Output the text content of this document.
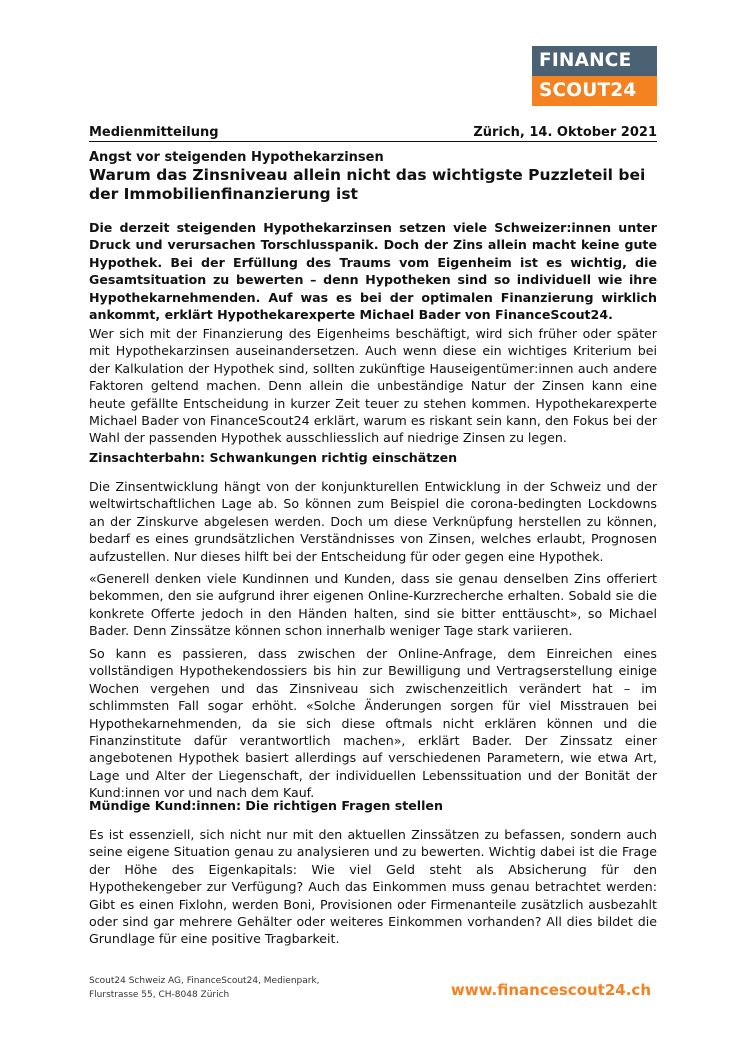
FINANCE
SCOUT24
Medienmitteilung	Zürich, 14. Oktober 2021
Angst vor steigenden Hypothekarzinsen
Warum das Zinsniveau allein nicht das wichtigste Puzzleteil bei der Immobilienfinanzierung ist
Die derzeit steigenden Hypothekarzinsen setzen viele Schweizer:innen unter Druck und verursachen Torschlusspanik. Doch der Zins allein macht keine gute Hypothek. Bei der Erfüllung des Traums vom Eigenheim ist es wichtig, die Gesamtsituation zu bewerten – denn Hypotheken sind so individuell wie ihre Hypothekarnehmenden. Auf was es bei der optimalen Finanzierung wirklich ankommt, erklärt Hypothekarexperte Michael Bader von FinanceScout24.
Wer sich mit der Finanzierung des Eigenheims beschäftigt, wird sich früher oder später mit Hypothekarzinsen auseinandersetzen. Auch wenn diese ein wichtiges Kriterium bei der Kalkulation der Hypothek sind, sollten zukünftige Hauseigentümer:innen auch andere Faktoren geltend machen. Denn allein die unbeständige Natur der Zinsen kann eine heute gefällte Entscheidung in kurzer Zeit teuer zu stehen kommen. Hypothekarexperte Michael Bader von FinanceScout24 erklärt, warum es riskant sein kann, den Fokus bei der Wahl der passenden Hypothek ausschliesslich auf niedrige Zinsen zu legen.
Zinsachterbahn: Schwankungen richtig einschätzen
Die Zinsentwicklung hängt von der konjunkturellen Entwicklung in der Schweiz und der weltwirtschaftlichen Lage ab. So können zum Beispiel die corona-bedingten Lockdowns an der Zinskurve abgelesen werden. Doch um diese Verknüpfung herstellen zu können, bedarf es eines grundsätzlichen Verständnisses von Zinsen, welches erlaubt, Prognosen aufzustellen. Nur dieses hilft bei der Entscheidung für oder gegen eine Hypothek.
«Generell denken viele Kundinnen und Kunden, dass sie genau denselben Zins offeriert bekommen, den sie aufgrund ihrer eigenen Online-Kurzrecherche erhalten. Sobald sie die konkrete Offerte jedoch in den Händen halten, sind sie bitter enttäuscht», so Michael Bader. Denn Zinssätze können schon innerhalb weniger Tage stark variieren.
So kann es passieren, dass zwischen der Online-Anfrage, dem Einreichen eines vollständigen Hypothekendossiers bis hin zur Bewilligung und Vertragserstellung einige Wochen vergehen und das Zinsniveau sich zwischenzeitlich verändert hat – im schlimmsten Fall sogar erhöht. «Solche Änderungen sorgen für viel Misstrauen bei Hypothekarnehmenden, da sie sich diese oftmals nicht erklären können und die Finanzinstitute dafür verantwortlich machen», erklärt Bader. Der Zinssatz einer angebotenen Hypothek basiert allerdings auf verschiedenen Parametern, wie etwa Art, Lage und Alter der Liegenschaft, der individuellen Lebenssituation und der Bonität der Kund:innen vor und nach dem Kauf.
Mündige Kund:innen: Die richtigen Fragen stellen
Es ist essenziell, sich nicht nur mit den aktuellen Zinssätzen zu befassen, sondern auch seine eigene Situation genau zu analysieren und zu bewerten. Wichtig dabei ist die Frage der Höhe des Eigenkapitals: Wie viel Geld steht als Absicherung für den Hypothekengeber zur Verfügung? Auch das Einkommen muss genau betrachtet werden: Gibt es einen Fixlohn, werden Boni, Provisionen oder Firmenanteile zusätzlich ausbezahlt oder sind gar mehrere Gehälter oder weiteres Einkommen vorhanden? All dies bildet die Grundlage für eine positive Tragbarkeit.
Scout24 Schweiz AG, FinanceScout24, Medienpark,
Flurstrasse 55, CH-8048 Zürich	www.financescout24.ch
